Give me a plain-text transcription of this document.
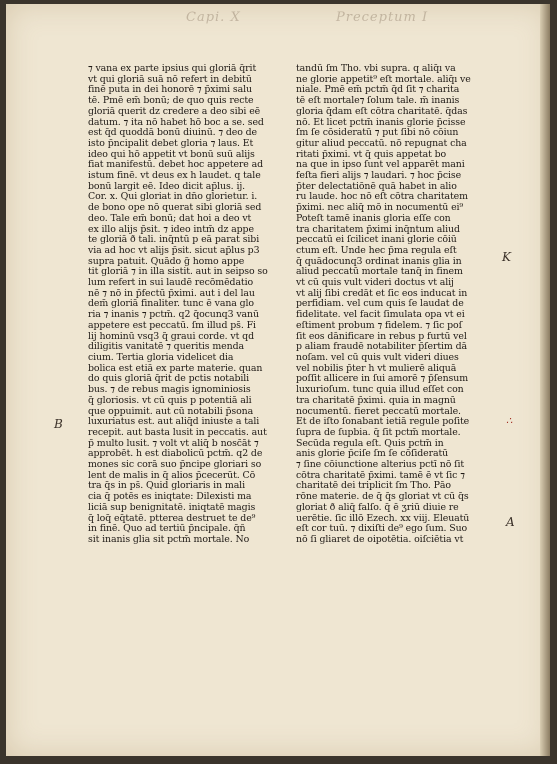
Capi. X	Preceptum I
⁊ vana ex parte ipsius qui gloriā q̄rit
vt qui gloriā suā nō refert in debitū
finē puta in dei honorē ⁊ p̄ximi salu
tē. P̄mē em̄ bonū; de quo quis recte
gloriā querit dz credere a deo sibi eē
datum. ⁊ ita nō habet hō boc a se. sed
est q̄ḋ quoddā bonū diuinū. ⁊ deo de
isto p̄ncipalit debet gloria ⁊ laus. Et
ideo qui hō appetit vt bonū suū alijs
fiat manifestū. debet hoc appetere ad
istum finē. vt deus ex h laudet. q tale
bonū largit eē. Ideo dicit ap̄lus. ij.
Cor. x. Qui gloriat in dn̄o glorietur. i.
de bono ope nō querat sibi gloriā sed
deo. Tale em̄ bonū; dat hoi a deo vt
ex illo alijs p̄sit. ⁊ ideo intm̄ dz appe
te gloriā ð tali. inq̄ntū p eā parat sibi
via ad hoc vt alijs p̄sit. sicut ap̄lus p3
supra patuit. Quādo g̃ homo appe
tit gloriā ⁊ in illa sistit. aut in seipso so
lum refert in sui laudē recōmēdatio
nē ⁊ nō in p̄fectū p̄ximi. aut i del lau
dem̄ gloriā finaliter. tunc ē vana glo
ria ⁊ inanis ⁊ pctm̄. q2 q̄ocunq3 vanū
appetere est peccatū. ſm illud ps̄. Fi
lij hominū vsq3 q̃ graui corde. vt qd̄
diligitis vanitatē ⁊ queritis menda
cium. Tertia gloria videlicet dia
bolica est etiā ex parte materie. quan
do quis gloriā q̄rit de pctis notabili
bus. ⁊ de rebus magis ignominiosis
q̄ gloriosis. vt cū quis p potentiā ali
que oppuimit. aut cū notabili p̄sona
luxuriatus est. aut aliq̄d iniuste a tali
recepit. aut basta lusit in peccatis. aut
p̄ multo lusit. ⁊ volt vt aliq̄ b nosc̄āt ⁊
approbēt. h est diabolicū pctm̄. q2 de
mones sic corā suo p̄ncipe gloriari so
lent de malis in q̄ alios p̄cecerūt. Cō
tra q̄s in ps̄. Quid gloriaris in mali
cia q̄ potēs es iniqtate: Dilexisti ma
liciā sup benignitatē. iniqtatē magis
q̄ loq̄ eq̄tatē. ptterea destruet te de⁹
in finē. Quo ad tertiū p̄ncipale. q̄ñ
sit inanis glia sit pctm̄ mortale. No
tandū ſm Tho. vbi supra. q aliq̄ı va
ne glorie appetit⁹ eſt mortale. aliq̄ı ve
niale. P̄mē em̄ pctm̄ q̄d ſit ⁊ charita
tē eſt mortale⁊ ſolum tale. m̄ inanis
gloria q̄dam eſt cōtra charitatē. q̄das
nō. Et licet pctm̄ inanis glorie p̄cisse
ſm ſe cōsideratū ⁊ put ſibi nō cōiun
gitur aliud peccatū. nō repugnat cha
ritati p̄ximi. vt q̄ quis appetat bo
na que in ipso ſunt vel apparēt mani
feſta fieri alijs ⁊ laudari. ⁊ hoc p̄cise
p̄ter delectatiōnē quā habet in alio
ru laude. hoc nō eſt cōtra charitatem
p̄ximi. nec aliq̄ mō in nocumentū ei⁹
Poteſt tamē inanis gloria eſſe con
tra charitatem p̄ximi inq̄ntum aliud
peccatū ei ſcilicet inani glorie cōiū
ctum eſt. Unde hec p̄ma regula eſt
q̄ quādocunq3 ordinat inanis glia in
aliud peccatū mortale tanq̄ in finem
vt cū quis vult videri doctus vt alij
vt alij ſibi credāt et ſic eos inducat in
perfidiam. vel cum quis ſe laudat de
fidelitate. vel facit ſimulata opa vt ei
eſtiment probum ⁊ fidelem. ⁊ ſic poſ
ſit eos dānificare in rebus p furtū vel
p aliam fraudē notabiliter p̄ſertim dā
noſam. vel cū quis vult videri diues
vel nobilis p̄ter h vt mulierē aliquā
poſſit allicere in ſui amorē ⁊ p̄ſensum
luxurioſum. tunc quia illud eſſet con
tra charitatē p̄ximi. quia in magnū
nocumentū. fieret peccatū mortale.
Et de iſto ſonabant ietiā regule poſite
ſupra de ſupbia. q̄ ſit pctm̄ mortale.
Secūda regula eſt. Quis pctm̄ in
anis glorie p̄ciſe ſm ſe cōſideratū
⁊ ſine cōiunctione alterius pctī nō ſit
cōtra charitatē p̄ximi. tamē ē vt ſic ⁊
charitatē dei triplicit ſm Tho. Pāo
rōne materie. de q̄ q̄s gloriat vt cū q̄s
gloriat ð aliq̄ falſo. q̄ ē ʒriū diuie re
uerētie. ſic illō Ezech. xx viij. Eleuatū
eſt cor tuū. ⁊ dixiſti de⁹ ego ſum. Suo
nō ſi gliaret de oipotētia. oiſciētia vt
B
K
∴
A
